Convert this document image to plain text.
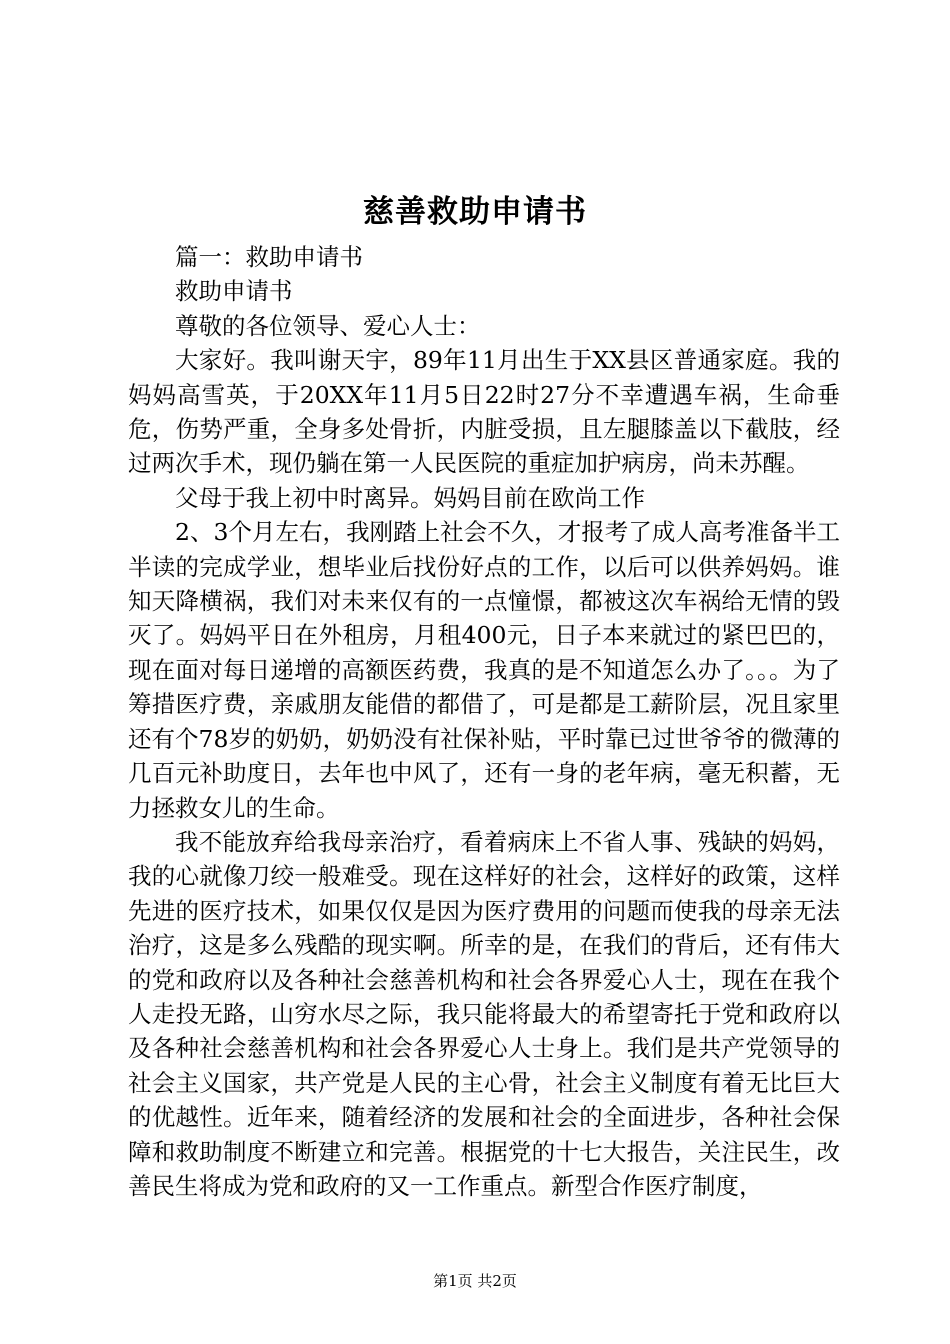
慈善救助申请书

篇一：救助申请书

救助申请书

尊敬的各位领导、爱心人士：

大家好。我叫谢天宇，89年11月出生于XX县区普通家庭。我的妈妈高雪英，于20XX年11月5日22时27分不幸遭遇车祸，生命垂危，伤势严重，全身多处骨折，内脏受损，且左腿膝盖以下截肢，经过两次手术，现仍躺在第一人民医院的重症加护病房，尚未苏醒。

父母于我上初中时离异。妈妈目前在欧尚工作

2、3个月左右，我刚踏上社会不久，才报考了成人高考准备半工半读的完成学业，想毕业后找份好点的工作，以后可以供养妈妈。谁知天降横祸，我们对未来仅有的一点憧憬，都被这次车祸给无情的毁灭了。妈妈平日在外租房，月租400元，日子本来就过的紧巴巴的，现在面对每日递增的高额医药费，我真的是不知道怎么办了。。。为了筹措医疗费，亲戚朋友能借的都借了，可是都是工薪阶层，况且家里还有个78岁的奶奶，奶奶没有社保补贴，平时靠已过世爷爷的微薄的几百元补助度日，去年也中风了，还有一身的老年病，毫无积蓄，无力拯救女儿的生命。

我不能放弃给我母亲治疗，看着病床上不省人事、残缺的妈妈，我的心就像刀绞一般难受。现在这样好的社会，这样好的政策，这样先进的医疗技术，如果仅仅是因为医疗费用的问题而使我的母亲无法治疗，这是多么残酷的现实啊。所幸的是，在我们的背后，还有伟大的党和政府以及各种社会慈善机构和社会各界爱心人士，现在在我个人走投无路，山穷水尽之际，我只能将最大的希望寄托于党和政府以及各种社会慈善机构和社会各界爱心人士身上。我们是共产党领导的社会主义国家，共产党是人民的主心骨，社会主义制度有着无比巨大的优越性。近年来，随着经济的发展和社会的全面进步，各种社会保障和救助制度不断建立和完善。根据党的十七大报告，关注民生，改善民生将成为党和政府的又一工作重点。新型合作医疗制度，

第1页 共2页
